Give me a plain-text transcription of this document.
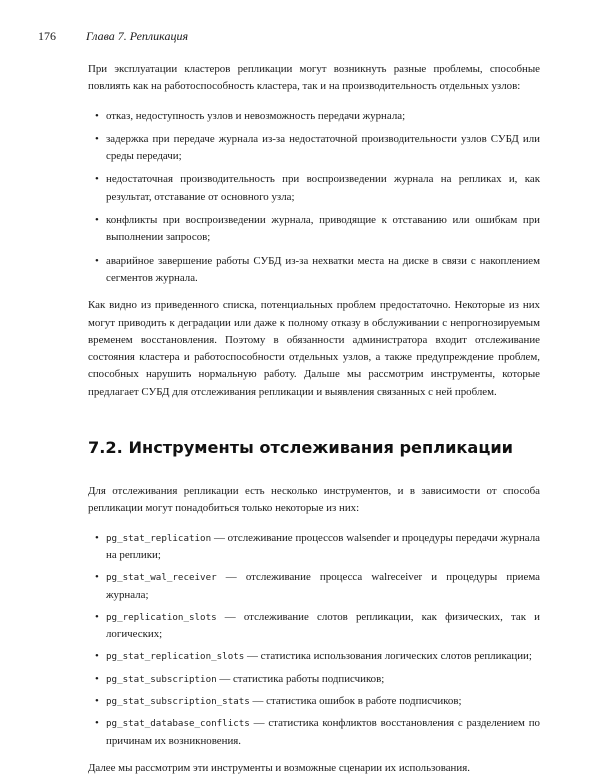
176	Глава 7. Репликация

При эксплуатации кластеров репликации могут возникнуть разные проблемы, способные повлиять как на работоспособность кластера, так и на производительность отдельных узлов:

• отказ, недоступность узлов и невозможность передачи журнала;
• задержка при передаче журнала из-за недостаточной производительности узлов СУБД или среды передачи;
• недостаточная производительность при воспроизведении журнала на репликах и, как результат, отставание от основного узла;
• конфликты при воспроизведении журнала, приводящие к отставанию или ошибкам при выполнении запросов;
• аварийное завершение работы СУБД из-за нехватки места на диске в связи с накоплением сегментов журнала.

Как видно из приведенного списка, потенциальных проблем предостаточно. Некоторые из них могут приводить к деградации или даже к полному отказу в обслуживании с непрогнозируемым временем восстановления. Поэтому в обязанности администратора входит отслеживание состояния кластера и работоспособности отдельных узлов, а также предупреждение проблем, способных нарушить нормальную работу. Дальше мы рассмотрим инструменты, которые предлагает СУБД для отслеживания репликации и выявления связанных с ней проблем.

7.2. Инструменты отслеживания репликации

Для отслеживания репликации есть несколько инструментов, и в зависимости от способа репликации могут понадобиться только некоторые из них:

• pg_stat_replication — отслеживание процессов walsender и процедуры передачи журнала на реплики;
• pg_stat_wal_receiver — отслеживание процесса walreceiver и процедуры приема журнала;
• pg_replication_slots — отслеживание слотов репликации, как физических, так и логических;
• pg_stat_replication_slots — статистика использования логических слотов репликации;
• pg_stat_subscription — статистика работы подписчиков;
• pg_stat_subscription_stats — статистика ошибок в работе подписчиков;
• pg_stat_database_conflicts — статистика конфликтов восстановления с разделением по причинам их возникновения.

Далее мы рассмотрим эти инструменты и возможные сценарии их использования.
